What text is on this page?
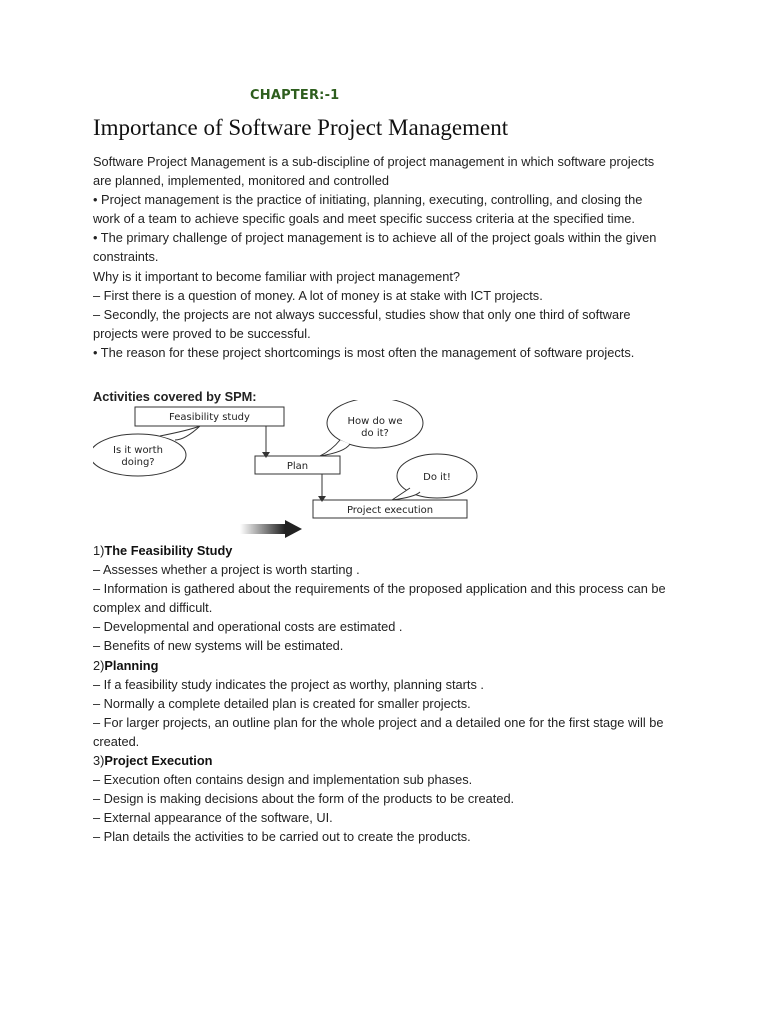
CHAPTER:-1
Importance of Software Project Management
Software Project Management is a sub-discipline of project management in which software projects
are planned, implemented, monitored and controlled
• Project management is the practice of initiating, planning, executing, controlling, and closing the
work of a team to achieve specific goals and meet specific success criteria at the specified time.
• The primary challenge of project management is to achieve all of the project goals within the given
constraints.
Why is it important to become familiar with project management?
– First there is a question of money. A lot of money is at stake with ICT projects.
– Secondly, the projects are not always successful, studies show that only one third of software
projects were proved to be successful.
• The reason for these project shortcomings is most often the management of software projects.
Activities covered by SPM:
Feasibility study
Plan
Project execution
Is it worth
doing?
How do we
do it?
Do it!
1)The Feasibility Study
– Assesses whether a project is worth starting .
– Information is gathered about the requirements of the proposed application and this process can be
complex and difficult.
– Developmental and operational costs are estimated .
– Benefits of new systems will be estimated.
2)Planning
– If a feasibility study indicates the project as worthy, planning starts .
– Normally a complete detailed plan is created for smaller projects.
– For larger projects, an outline plan for the whole project and a detailed one for the first stage will be
created.
3)Project Execution
– Execution often contains design and implementation sub phases.
– Design is making decisions about the form of the products to be created.
– External appearance of the software, UI.
– Plan details the activities to be carried out to create the products.
